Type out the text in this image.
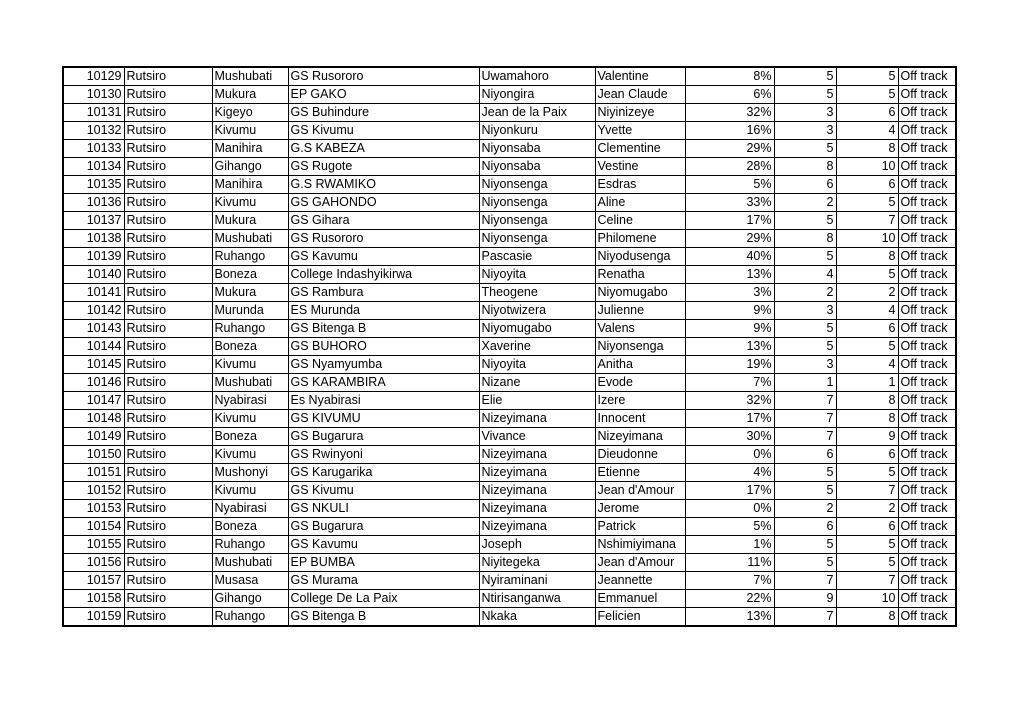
10129	Rutsiro	Mushubati	GS Rusororo	Uwamahoro	Valentine	8%	5	5	Off track
10130	Rutsiro	Mukura	EP GAKO	Niyongira	Jean Claude	6%	5	5	Off track
10131	Rutsiro	Kigeyo	GS Buhindure	Jean de la Paix	Niyinizeye	32%	3	6	Off track
10132	Rutsiro	Kivumu	GS Kivumu	Niyonkuru	Yvette	16%	3	4	Off track
10133	Rutsiro	Manihira	G.S KABEZA	Niyonsaba	Clementine	29%	5	8	Off track
10134	Rutsiro	Gihango	GS Rugote	Niyonsaba	Vestine	28%	8	10	Off track
10135	Rutsiro	Manihira	G.S RWAMIKO	Niyonsenga	Esdras	5%	6	6	Off track
10136	Rutsiro	Kivumu	GS GAHONDO	Niyonsenga	Aline	33%	2	5	Off track
10137	Rutsiro	Mukura	GS Gihara	Niyonsenga	Celine	17%	5	7	Off track
10138	Rutsiro	Mushubati	GS Rusororo	Niyonsenga	Philomene	29%	8	10	Off track
10139	Rutsiro	Ruhango	GS Kavumu	Pascasie	Niyodusenga	40%	5	8	Off track
10140	Rutsiro	Boneza	College Indashyikirwa	Niyoyita	Renatha	13%	4	5	Off track
10141	Rutsiro	Mukura	GS Rambura	Theogene	Niyomugabo	3%	2	2	Off track
10142	Rutsiro	Murunda	ES Murunda	Niyotwizera	Julienne	9%	3	4	Off track
10143	Rutsiro	Ruhango	GS Bitenga B	Niyomugabo	Valens	9%	5	6	Off track
10144	Rutsiro	Boneza	GS BUHORO	Xaverine	Niyonsenga	13%	5	5	Off track
10145	Rutsiro	Kivumu	GS Nyamyumba	Niyoyita	Anitha	19%	3	4	Off track
10146	Rutsiro	Mushubati	GS KARAMBIRA	Nizane	Evode	7%	1	1	Off track
10147	Rutsiro	Nyabirasi	Es Nyabirasi	Elie	Izere	32%	7	8	Off track
10148	Rutsiro	Kivumu	GS KIVUMU	Nizeyimana	Innocent	17%	7	8	Off track
10149	Rutsiro	Boneza	GS Bugarura	Vivance	Nizeyimana	30%	7	9	Off track
10150	Rutsiro	Kivumu	GS Rwinyoni	Nizeyimana	Dieudonne	0%	6	6	Off track
10151	Rutsiro	Mushonyi	GS Karugarika	Nizeyimana	Etienne	4%	5	5	Off track
10152	Rutsiro	Kivumu	GS Kivumu	Nizeyimana	Jean d'Amour	17%	5	7	Off track
10153	Rutsiro	Nyabirasi	GS NKULI	Nizeyimana	Jerome	0%	2	2	Off track
10154	Rutsiro	Boneza	GS Bugarura	Nizeyimana	Patrick	5%	6	6	Off track
10155	Rutsiro	Ruhango	GS Kavumu	Joseph	Nshimiyimana	1%	5	5	Off track
10156	Rutsiro	Mushubati	EP BUMBA	Niyitegeka	Jean d'Amour	11%	5	5	Off track
10157	Rutsiro	Musasa	GS Murama	Nyiraminani	Jeannette	7%	7	7	Off track
10158	Rutsiro	Gihango	College De La Paix	Ntirisanganwa	Emmanuel	22%	9	10	Off track
10159	Rutsiro	Ruhango	GS Bitenga B	Nkaka	Felicien	13%	7	8	Off track
